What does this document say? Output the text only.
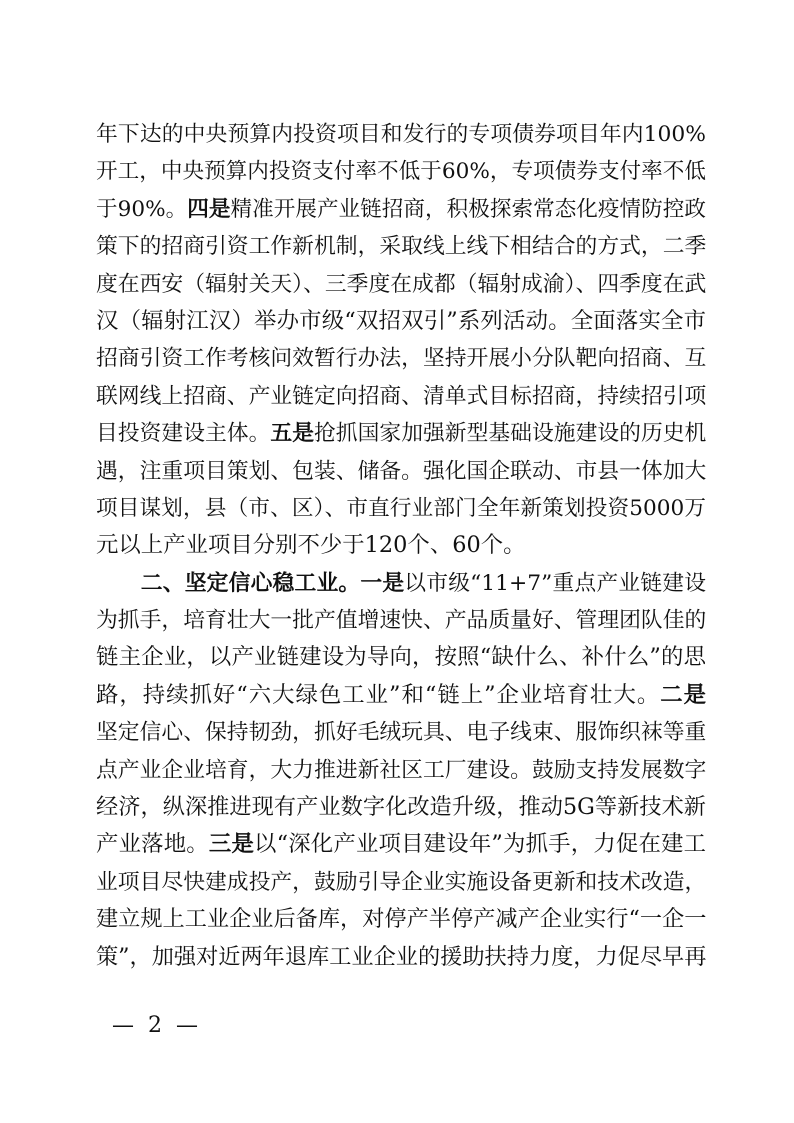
年下达的中央预算内投资项目和发行的专项债券项目年内100%
开工，中央预算内投资支付率不低于60%，专项债券支付率不低
于90%。四是精准开展产业链招商，积极探索常态化疫情防控政
策下的招商引资工作新机制，采取线上线下相结合的方式，二季
度在西安（辐射关天）、三季度在成都（辐射成渝）、四季度在武
汉（辐射江汉）举办市级“双招双引”系列活动。全面落实全市
招商引资工作考核问效暂行办法，坚持开展小分队靶向招商、互
联网线上招商、产业链定向招商、清单式目标招商，持续招引项
目投资建设主体。五是抢抓国家加强新型基础设施建设的历史机
遇，注重项目策划、包装、储备。强化国企联动、市县一体加大
项目谋划，县（市、区）、市直行业部门全年新策划投资5000万
元以上产业项目分别不少于120个、60个。
二、坚定信心稳工业。一是以市级“11+7”重点产业链建设
为抓手，培育壮大一批产值增速快、产品质量好、管理团队佳的
链主企业，以产业链建设为导向，按照“缺什么、补什么”的思
路，持续抓好“六大绿色工业”和“链上”企业培育壮大。二是
坚定信心、保持韧劲，抓好毛绒玩具、电子线束、服饰织袜等重
点产业企业培育，大力推进新社区工厂建设。鼓励支持发展数字
经济，纵深推进现有产业数字化改造升级，推动5G等新技术新
产业落地。三是以“深化产业项目建设年”为抓手，力促在建工
业项目尽快建成投产，鼓励引导企业实施设备更新和技术改造，
建立规上工业企业后备库，对停产半停产减产企业实行“一企一
策”，加强对近两年退库工业企业的援助扶持力度，力促尽早再
—  2  —
